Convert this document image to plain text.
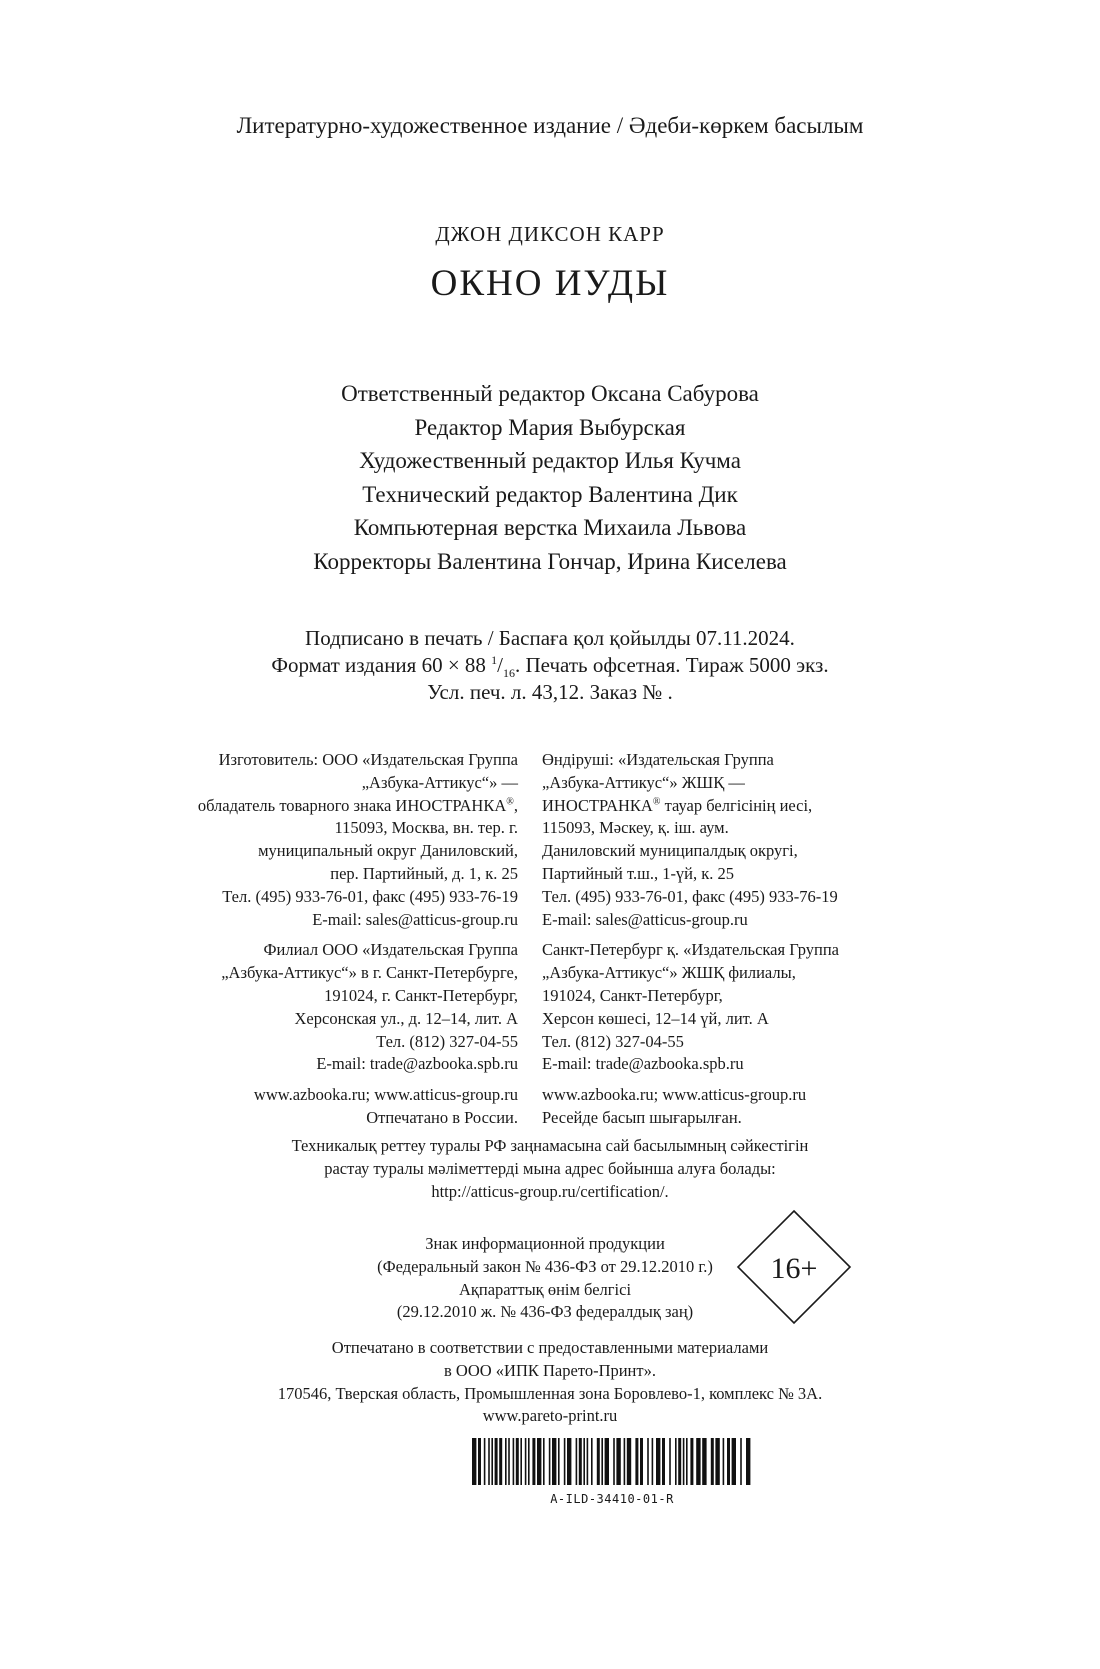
Литературно-художественное издание / Әдеби-көркем басылым
ДЖОН ДИКСОН КАРР
ОКНО ИУДЫ
Ответственный редактор Оксана Сабурова
Редактор Мария Выбурская
Художественный редактор Илья Кучма
Технический редактор Валентина Дик
Компьютерная верстка Михаила Львова
Корректоры Валентина Гончар, Ирина Киселева
Подписано в печать / Баспаға қол қойылды 07.11.2024.
Формат издания 60 × 88 $^1/_{16}$. Печать офсетная. Тираж 5000 экз.
Усл. печ. л. 43,12. Заказ № .
Изготовитель: ООО «Издательская Группа
„Азбука-Аттикус“» —
обладатель товарного знака ИНОСТРАНКА®,
115093, Москва, вн. тер. г.
муниципальный округ Даниловский,
пер. Партийный, д. 1, к. 25
Тел. (495) 933-76-01, факс (495) 933-76-19
E-mail: sales@atticus-group.ru
Филиал ООО «Издательская Группа
„Азбука-Аттикус“» в г. Санкт-Петербурге,
191024, г. Санкт-Петербург,
Херсонская ул., д. 12–14, лит. А
Тел. (812) 327-04-55
E-mail: trade@azbooka.spb.ru
www.azbooka.ru; www.atticus-group.ru
Отпечатано в России.
Өндіруші: «Издательская Группа
„Азбука-Аттикус“» ЖШҚ —
ИНОСТРАНКА® тауар белгісінің иесі,
115093, Мәскеу, қ. іш. аум.
Даниловский муниципалдық округі,
Партийный т.ш., 1-үй, к. 25
Тел. (495) 933-76-01, факс (495) 933-76-19
E-mail: sales@atticus-group.ru
Санкт-Петербург қ. «Издательская Группа
„Азбука-Аттикус“» ЖШҚ филиалы,
191024, Санкт-Петербург,
Херсон көшесі, 12–14 үй, лит. А
Тел. (812) 327-04-55
E-mail: trade@azbooka.spb.ru
www.azbooka.ru; www.atticus-group.ru
Ресейде басып шығарылған.
Техникалық реттеу туралы РФ заңнамасына сай басылымның сәйкестігін
растау туралы мәліметтерді мына адрес бойынша алуға болады:
http://atticus-group.ru/certification/.
Знак информационной продукции
(Федеральный закон № 436-ФЗ от 29.12.2010 г.)
Ақпараттық өнім белгісі
(29.12.2010 ж. № 436-ФЗ федералдық заң)
16+
Отпечатано в соответствии с предоставленными материалами
в ООО «ИПК Парето-Принт».
170546, Тверская область, Промышленная зона Боровлево-1, комплекс № 3А.
www.pareto-print.ru
A-ILD-34410-01-R
